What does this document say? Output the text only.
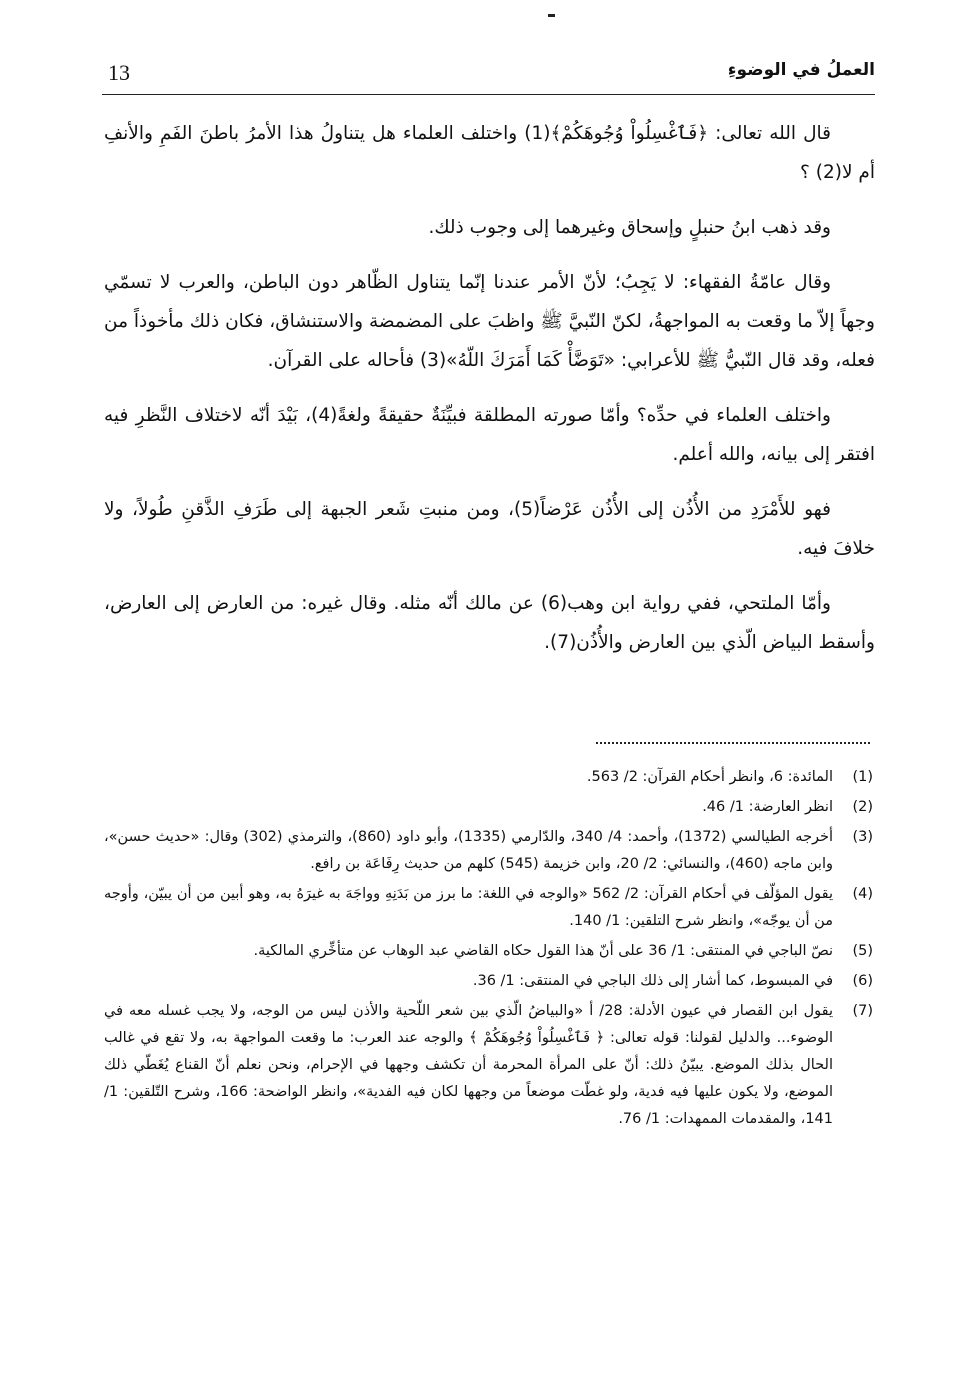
13	العملُ في الوضوءِ

قال الله تعالى: ﴿فَٱغْسِلُواْ وُجُوهَكُمْ﴾(1) واختلف العلماء هل يتناولُ هذا الأمرُ باطنَ الفَمِ والأنفِ أم لا(2) ؟

وقد ذهب ابنُ حنبلٍ وإسحاق وغيرهما إلى وجوب ذلك.

وقال عامّةُ الفقهاء: لا يَجِبُ؛ لأنّ الأمر عندنا إنّما يتناول الظّاهر دون الباطن، والعرب لا تسمّي وجهاً إلاّ ما وقعت به المواجهةُ، لكنّ النّبيَّ ﷺ واظبَ على المضمضة والاستنشاق، فكان ذلك مأخوذاً من فعله، وقد قال النّبيُّ ﷺ للأعرابي: «تَوَضَّأْ كَمَا أَمَرَكَ اللّهُ»(3) فأحاله على القرآن.

واختلف العلماء في حدِّه؟ وأمّا صورته المطلقة فبيِّنَةٌ حقيقةً ولغةً(4)، بَيْدَ أنّه لاختلاف النَّظرِ فيه افتقر إلى بيانه، والله أعلم.

فهو للأَمْرَدِ من الأُذُن إلى الأُذُن عَرْضاً(5)، ومن منبتِ شَعر الجبهة إلى طَرَفِ الذَّقنِ طُولاً، ولا خلافَ فيه.

وأمّا الملتحي، ففي رواية ابن وهب(6) عن مالك أنّه مثله. وقال غيره: من العارض إلى العارض، وأسقط البياض الّذي بين العارض والأُذُن(7).

(1)
المائدة: 6، وانظر أحكام القرآن: 2/ 563.
(2)
انظر العارضة: 1/ 46.
(3)
أخرجه الطيالسي (1372)، وأحمد: 4/ 340، والدّارمي (1335)، وأبو داود (860)، والترمذي (302) وقال: «حديث حسن»، وابن ماجه (460)، والنسائي: 2/ 20، وابن خزيمة (545) كلهم من حديث رِفَاعَة بن رافع.
(4)
يقول المؤلّف في أحكام القرآن: 2/ 562 «والوجه في اللغة: ما برز من بَدَنِهِ وواجَهَ به غيرَهُ به، وهو أبين من أن يبيّن، وأوجه من أن يوجّه»، وانظر شرح التلقين: 1/ 140.
(5)
نصّ الباجي في المنتقى: 1/ 36 على أنّ هذا القول حكاه القاضي عبد الوهاب عن متأخِّري المالكية.
(6)
في المبسوط، كما أشار إلى ذلك الباجي في المنتقى: 1/ 36.
(7)
يقول ابن القصار في عيون الأدلة: 28/ أ «والبياضُ الّذي بين شعر اللّحية والأذن ليس من الوجه، ولا يجب غسله معه في الوضوء... والدليل لقولنا: قوله تعالى: ﴿ فَٱغْسِلُواْ وُجُوهَكُمْ ﴾ والوجه عند العرب: ما وقعت المواجهة به، ولا تقع في غالب الحال بذلك الموضع. يبيّنُ ذلك: أنّ على المرأة المحرمة أن تكشف وجهها في الإحرام، ونحن نعلم أنّ القناع يُغَطّي ذلك الموضع، ولا يكون عليها فيه فدية، ولو غطّت موضعاً من وجهها لكان فيه الفدية»، وانظر الواضحة: 166، وشرح التّلقين: 1/ 141، والمقدمات الممهدات: 1/ 76.
